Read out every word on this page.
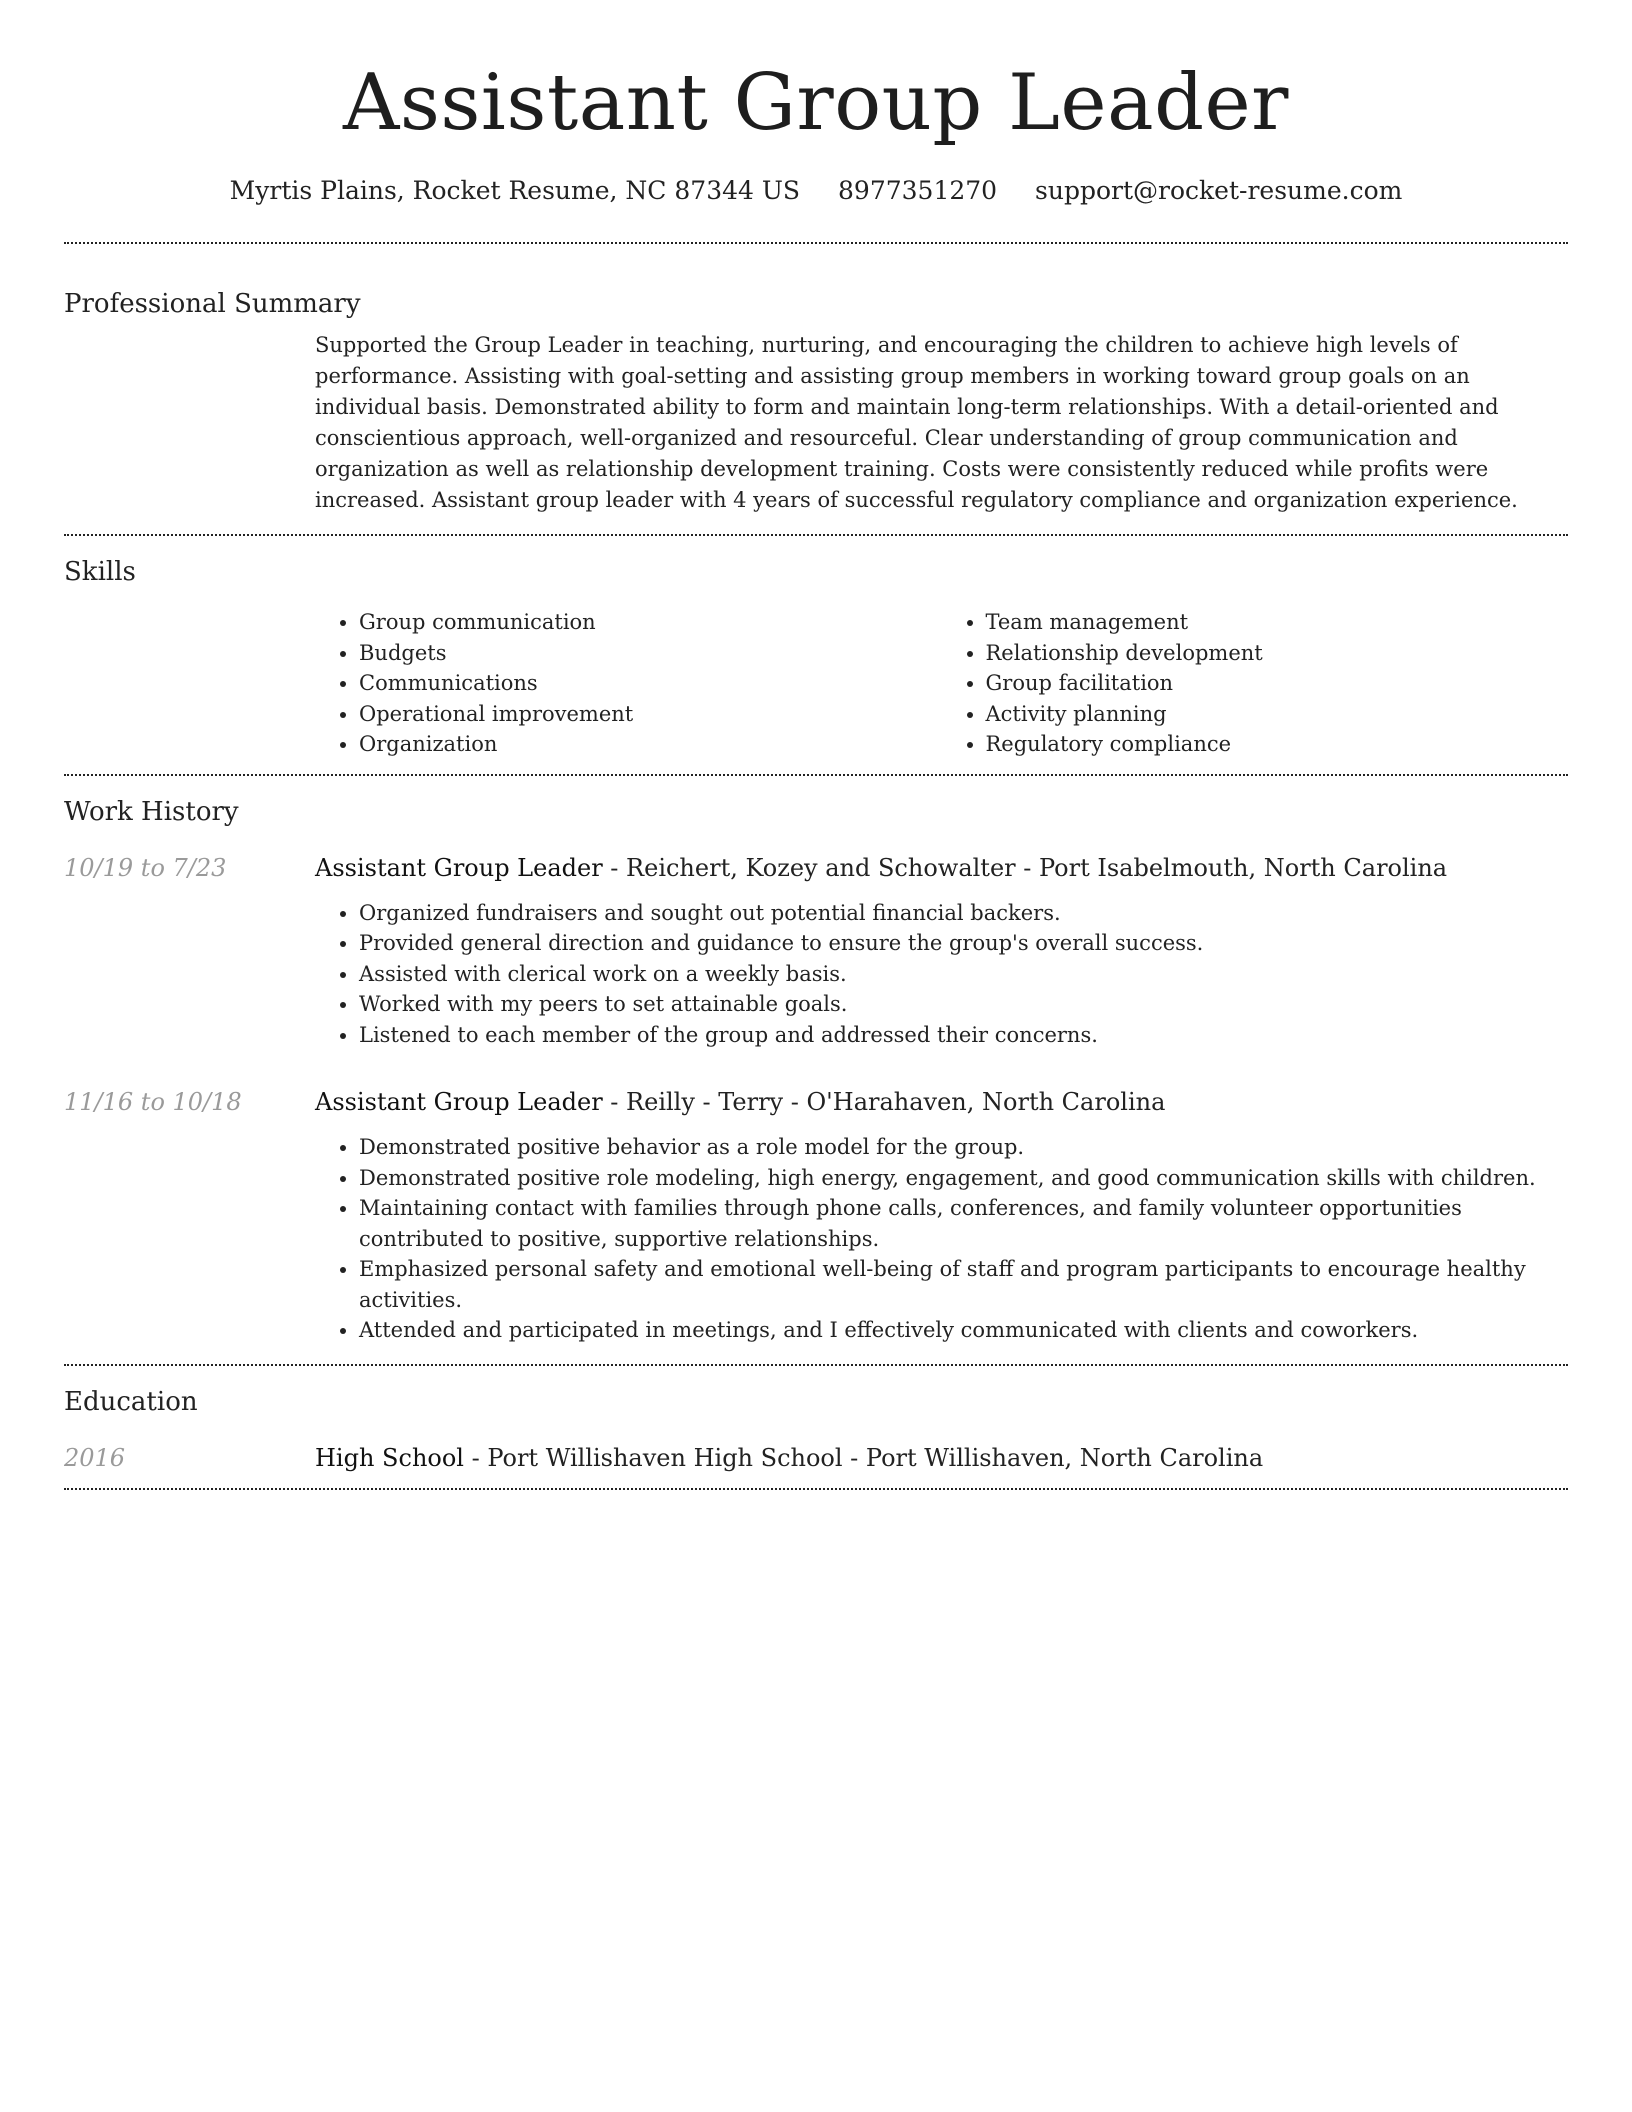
Assistant Group Leader
Myrtis Plains, Rocket Resume, NC 87344 US 8977351270 support@rocket-resume.com
Professional Summary

Supported the Group Leader in teaching, nurturing, and encouraging the children to achieve high levels of performance. Assisting with goal-setting and assisting group members in working toward group goals on an individual basis. Demonstrated ability to form and maintain long-term relationships. With a detail-oriented and conscientious approach, well-organized and resourceful. Clear understanding of group communication and organization as well as relationship development training. Costs were consistently reduced while profits were increased. Assistant group leader with 4 years of successful regulatory compliance and organization experience.

Skills
• Group communication
• Budgets
• Communications
• Operational improvement
• Organization
• Team management
• Relationship development
• Group facilitation
• Activity planning
• Regulatory compliance
Work History
10/19 to 7/23	Assistant Group Leader - Reichert, Kozey and Schowalter - Port Isabelmouth, North Carolina
• Organized fundraisers and sought out potential financial backers.
• Provided general direction and guidance to ensure the group's overall success.
• Assisted with clerical work on a weekly basis.
• Worked with my peers to set attainable goals.
• Listened to each member of the group and addressed their concerns.
11/16 to 10/18	Assistant Group Leader - Reilly - Terry - O'Harahaven, North Carolina
• Demonstrated positive behavior as a role model for the group.
• Demonstrated positive role modeling, high energy, engagement, and good communication skills with children.
• Maintaining contact with families through phone calls, conferences, and family volunteer opportunities contributed to positive, supportive relationships.
• Emphasized personal safety and emotional well-being of staff and program participants to encourage healthy activities.
• Attended and participated in meetings, and I effectively communicated with clients and coworkers.
Education
2016	High School - Port Willishaven High School - Port Willishaven, North Carolina
